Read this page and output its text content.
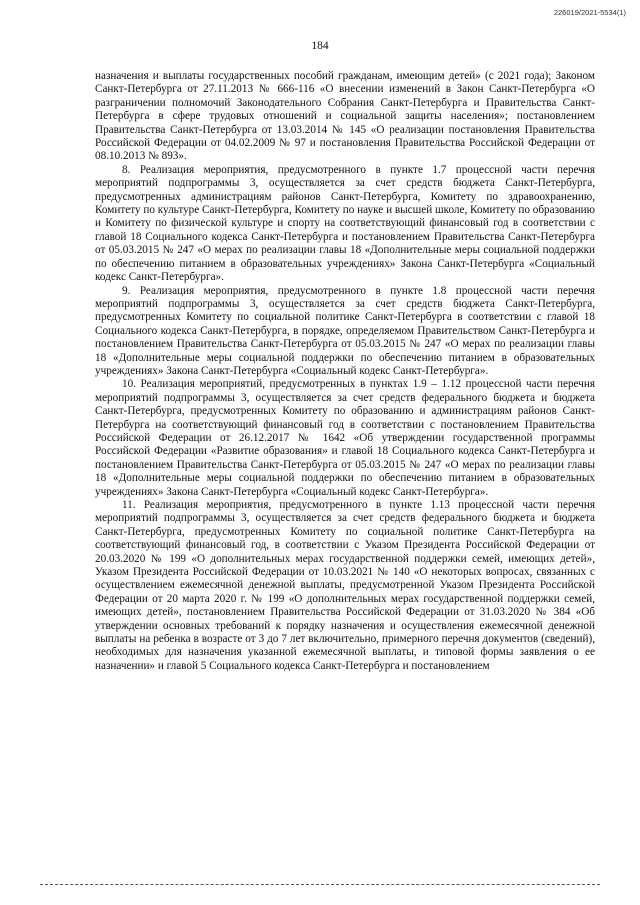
226019/2021-5534(1)
184

назначения и выплаты государственных пособий гражданам, имеющим детей» (с 2021 года); Законом Санкт-Петербурга от 27.11.2013 № 666-116 «О внесении изменений в Закон Санкт-Петербурга «О разграничении полномочий Законодательного Собрания Санкт-Петербурга и Правительства Санкт-Петербурга в сфере трудовых отношений и социальной защиты населения»; постановлением Правительства Санкт-Петербурга от 13.03.2014 № 145 «О реализации постановления Правительства Российской Федерации от 04.02.2009 № 97 и постановления Правительства Российской Федерации от 08.10.2013 № 893».

8. Реализация мероприятия, предусмотренного в пункте 1.7 процессной части перечня мероприятий подпрограммы 3, осуществляется за счет средств бюджета Санкт-Петербурга, предусмотренных администрациям районов Санкт-Петербурга, Комитету по здравоохранению, Комитету по культуре Санкт-Петербурга, Комитету по науке и высшей школе, Комитету по образованию и Комитету по физической культуре и спорту на соответствующий финансовый год в соответствии с главой 18 Социального кодекса Санкт-Петербурга и постановлением Правительства Санкт-Петербурга от 05.03.2015 № 247 «О мерах по реализации главы 18 «Дополнительные меры социальной поддержки по обеспечению питанием в образовательных учреждениях» Закона Санкт-Петербурга «Социальный кодекс Санкт-Петербурга».

9. Реализация мероприятия, предусмотренного в пункте 1.8 процессной части перечня мероприятий подпрограммы 3, осуществляется за счет средств бюджета Санкт-Петербурга, предусмотренных Комитету по социальной политике Санкт-Петербурга в соответствии с главой 18 Социального кодекса Санкт-Петербурга, в порядке, определяемом Правительством Санкт-Петербурга и постановлением Правительства Санкт-Петербурга от 05.03.2015 № 247 «О мерах по реализации главы 18 «Дополнительные меры социальной поддержки по обеспечению питанием в образовательных учреждениях» Закона Санкт-Петербурга «Социальный кодекс Санкт-Петербурга».

10. Реализация мероприятий, предусмотренных в пунктах 1.9 – 1.12 процессной части перечня мероприятий подпрограммы 3, осуществляется за счет средств федерального бюджета и бюджета Санкт-Петербурга, предусмотренных Комитету по образованию и администрациям районов Санкт-Петербурга на соответствующий финансовый год в соответствии с постановлением Правительства Российской Федерации от 26.12.2017 № 1642 «Об утверждении государственной программы Российской Федерации «Развитие образования» и главой 18 Социального кодекса Санкт-Петербурга и постановлением Правительства Санкт-Петербурга от 05.03.2015 № 247 «О мерах по реализации главы 18 «Дополнительные меры социальной поддержки по обеспечению питанием в образовательных учреждениях» Закона Санкт-Петербурга «Социальный кодекс Санкт-Петербурга».

11. Реализация мероприятия, предусмотренного в пункте 1.13 процессной части перечня мероприятий подпрограммы 3, осуществляется за счет средств федерального бюджета и бюджета Санкт-Петербурга, предусмотренных Комитету по социальной политике Санкт-Петербурга на соответствующий финансовый год, в соответствии с Указом Президента Российской Федерации от 20.03.2020 № 199 «О дополнительных мерах государственной поддержки семей, имеющих детей», Указом Президента Российской Федерации от 10.03.2021 № 140 «О некоторых вопросах, связанных с осуществлением ежемесячной денежной выплаты, предусмотренной Указом Президента Российской Федерации от 20 марта 2020 г. № 199 «О дополнительных мерах государственной поддержки семей, имеющих детей», постановлением Правительства Российской Федерации от 31.03.2020 № 384 «Об утверждении основных требований к порядку назначения и осуществления ежемесячной денежной выплаты на ребенка в возрасте от 3 до 7 лет включительно, примерного перечня документов (сведений), необходимых для назначения указанной ежемесячной выплаты, и типовой формы заявления о ее назначении» и главой 5 Социального кодекса Санкт-Петербурга и постановлением
